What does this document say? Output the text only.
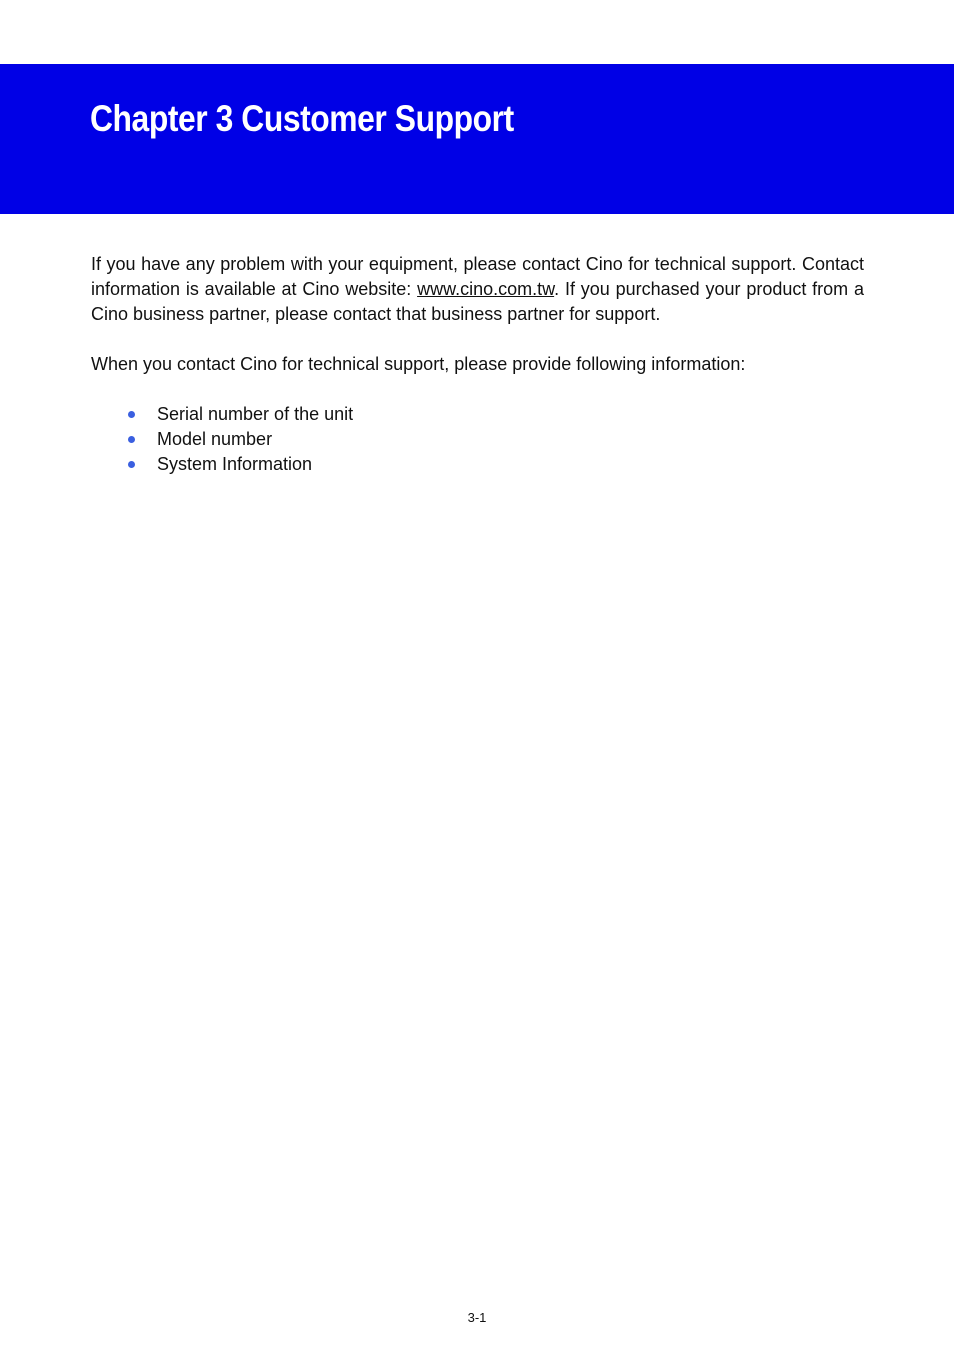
Chapter 3 Customer Support

If you have any problem with your equipment, please contact Cino for technical support. Contact information is available at Cino website: www.cino.com.tw. If you purchased your product from a Cino business partner, please contact that business partner for support.

When you contact Cino for technical support, please provide following information:

Serial number of the unit
Model number
System Information
3-1
